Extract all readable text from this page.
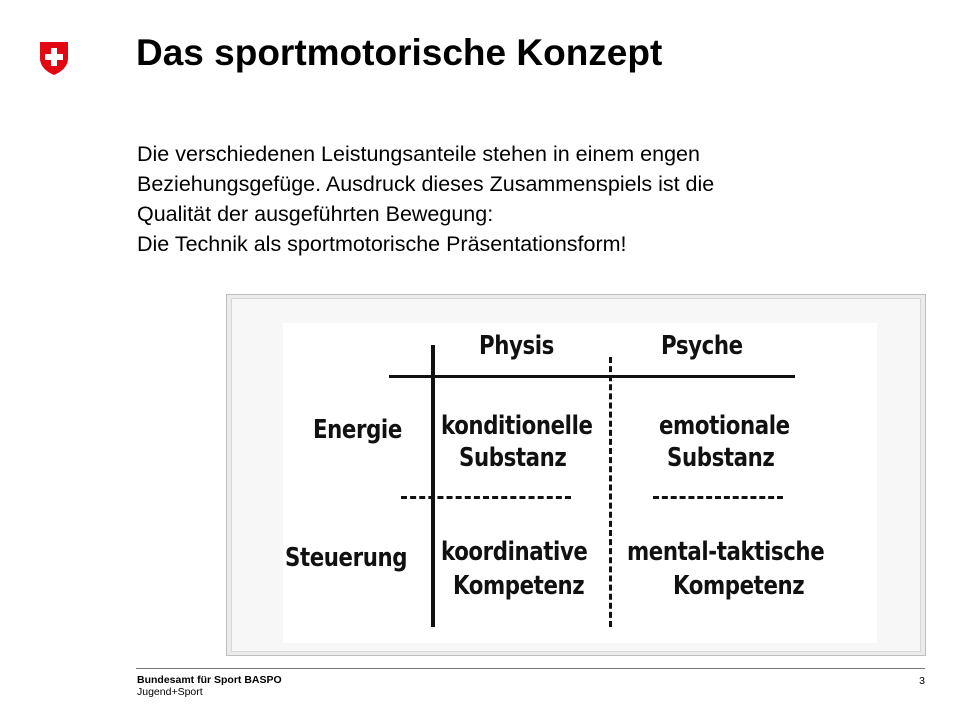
Das sportmotorische Konzept

Die verschiedenen Leistungsanteile stehen in einem engen

Beziehungsgefüge. Ausdruck dieses Zusammenspiels ist die

Qualität der ausgeführten Bewegung:

Die Technik als sportmotorische Präsentationsform!

Physis	Psyche
Energie
Steuerung
konditionelle
Substanz
emotionale
Substanz
koordinative
Kompetenz
mental-taktische
Kompetenz
Bundesamt für Sport BASPO
Jugend+Sport
3
